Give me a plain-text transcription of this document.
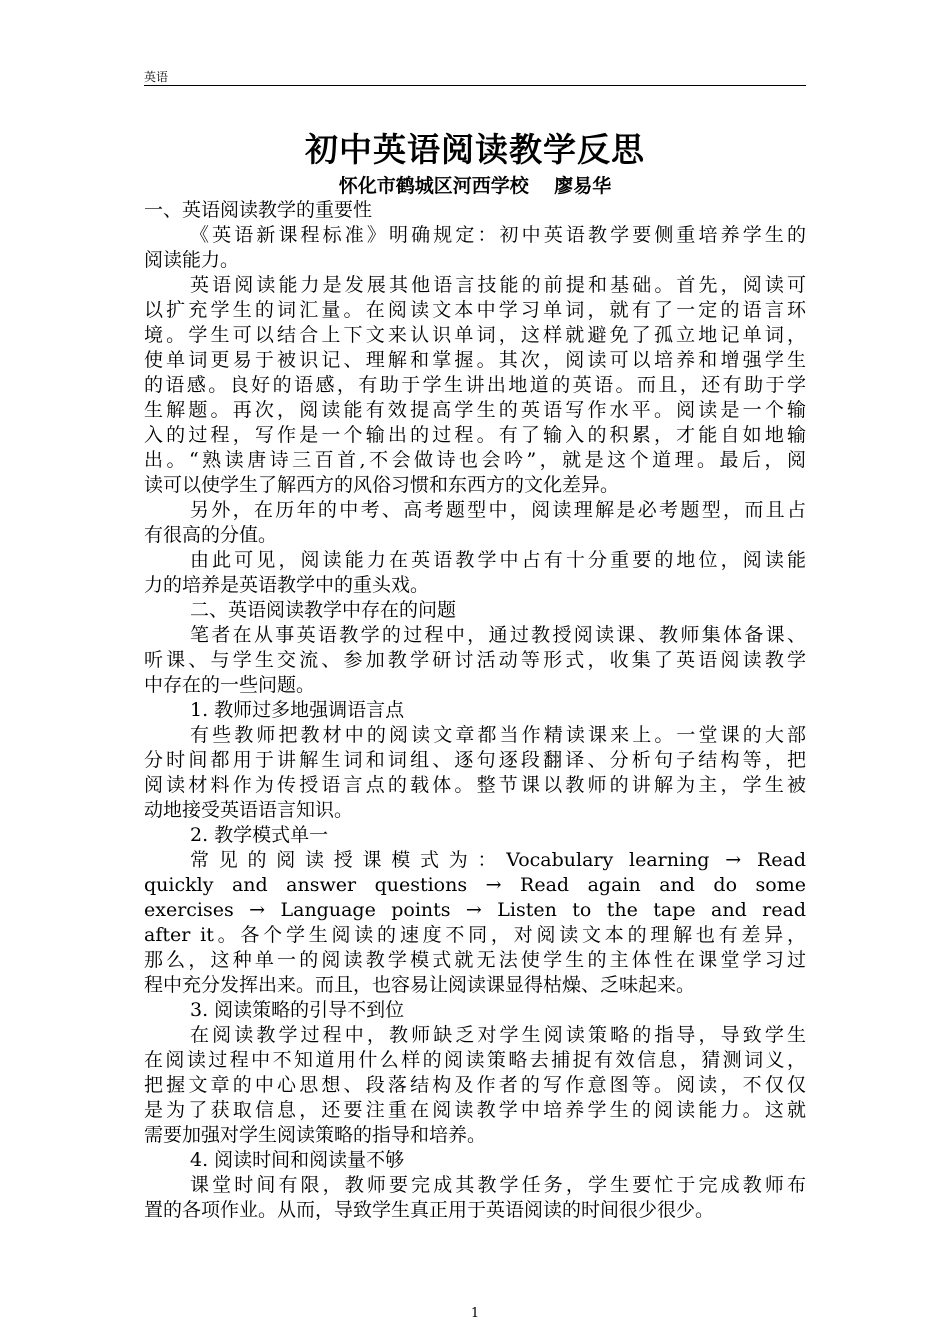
英语
初中英语阅读教学反思
怀化市鹤城区河西学校　 廖易华
一、英语阅读教学的重要性
《英语新课程标准》明确规定：初中英语教学要侧重培养学生的
阅读能力。
英语阅读能力是发展其他语言技能的前提和基础。首先，阅读可
以扩充学生的词汇量。在阅读文本中学习单词，就有了一定的语言环
境。学生可以结合上下文来认识单词，这样就避免了孤立地记单词，
使单词更易于被识记、理解和掌握。其次，阅读可以培养和增强学生
的语感。良好的语感，有助于学生讲出地道的英语。而且，还有助于学
生解题。再次，阅读能有效提高学生的英语写作水平。阅读是一个输
入的过程，写作是一个输出的过程。有了输入的积累，才能自如地输
出。“熟读唐诗三百首,不会做诗也会吟”，就是这个道理。最后，阅
读可以使学生了解西方的风俗习惯和东西方的文化差异。
另外，在历年的中考、高考题型中，阅读理解是必考题型，而且占
有很高的分值。
由此可见，阅读能力在英语教学中占有十分重要的地位，阅读能
力的培养是英语教学中的重头戏。
二、英语阅读教学中存在的问题
笔者在从事英语教学的过程中，通过教授阅读课、教师集体备课、
听课、与学生交流、参加教学研讨活动等形式，收集了英语阅读教学
中存在的一些问题。
1. 教师过多地强调语言点
有些教师把教材中的阅读文章都当作精读课来上。一堂课的大部
分时间都用于讲解生词和词组、逐句逐段翻译、分析句子结构等，把
阅读材料作为传授语言点的载体。整节课以教师的讲解为主，学生被
动地接受英语语言知识。
2. 教学模式单一
常见的阅读授课模式为：Vocabulary learning → Read
quickly and answer questions → Read again and do some
exercises → Language points → Listen to the tape and read
after it。各个学生阅读的速度不同，对阅读文本的理解也有差异，
那么，这种单一的阅读教学模式就无法使学生的主体性在课堂学习过
程中充分发挥出来。而且，也容易让阅读课显得枯燥、乏味起来。
3. 阅读策略的引导不到位
在阅读教学过程中，教师缺乏对学生阅读策略的指导，导致学生
在阅读过程中不知道用什么样的阅读策略去捕捉有效信息，猜测词义，
把握文章的中心思想、段落结构及作者的写作意图等。阅读，不仅仅
是为了获取信息，还要注重在阅读教学中培养学生的阅读能力。这就
需要加强对学生阅读策略的指导和培养。
4. 阅读时间和阅读量不够
课堂时间有限，教师要完成其教学任务，学生要忙于完成教师布
置的各项作业。从而，导致学生真正用于英语阅读的时间很少很少。
1
